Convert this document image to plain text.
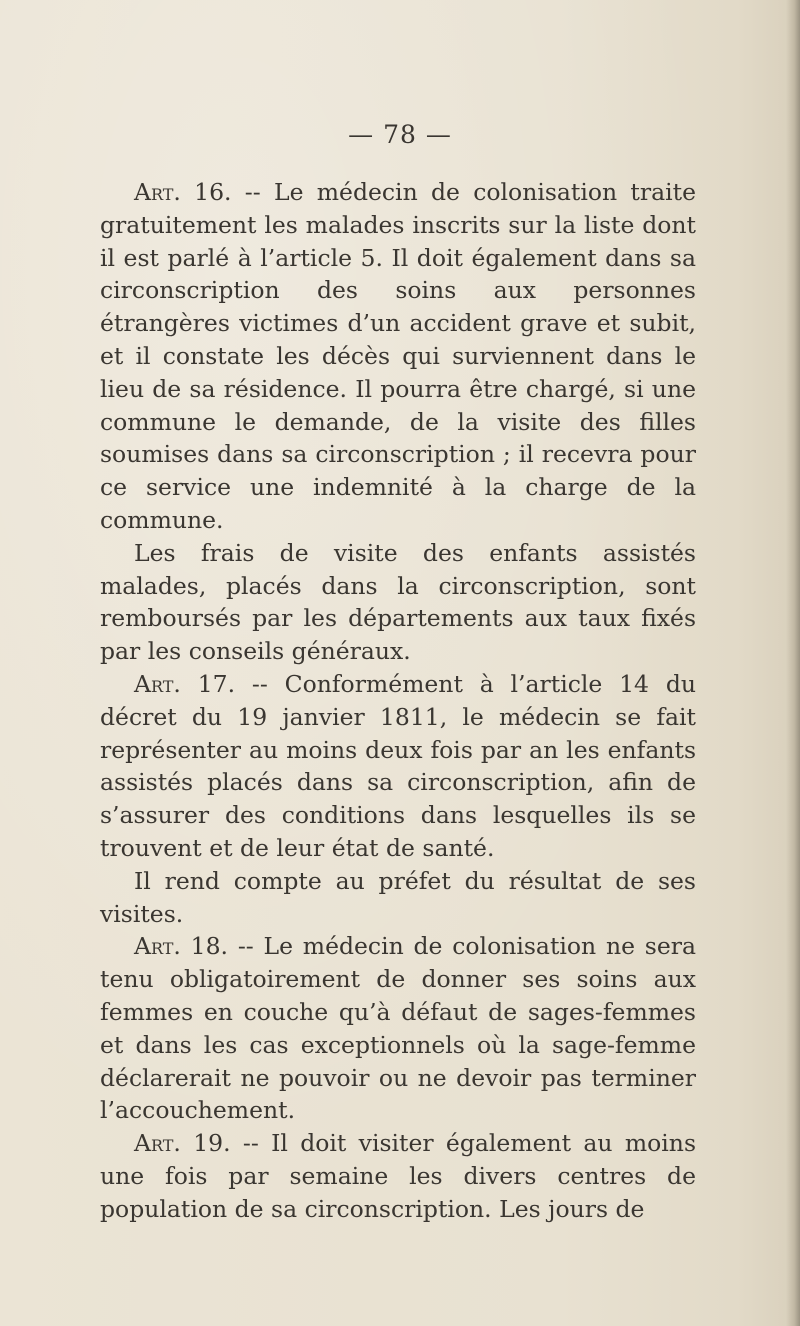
— 78 —

Art. 16. -- Le médecin de colonisation traite gratuitement les malades inscrits sur la liste dont il est parlé à l’article 5. Il doit également dans sa circonscription des soins aux personnes étrangères victimes d’un accident grave et subit, et il constate les décès qui surviennent dans le lieu de sa résidence. Il pourra être chargé, si une commune le demande, de la visite des filles soumises dans sa circonscription ; il recevra pour ce service une indemnité à la charge de la commune.

Les frais de visite des enfants assistés malades, placés dans la circonscription, sont remboursés par les départements aux taux fixés par les conseils généraux.

Art. 17. -- Conformément à l’article 14 du décret du 19 janvier 1811, le médecin se fait représenter au moins deux fois par an les enfants assistés placés dans sa circonscription, afin de s’assurer des conditions dans lesquelles ils se trouvent et de leur état de santé.

Il rend compte au préfet du résultat de ses visites.

Art. 18. -- Le médecin de colonisation ne sera tenu obligatoirement de donner ses soins aux femmes en couche qu’à défaut de sages-femmes et dans les cas exceptionnels où la sage-femme déclarerait ne pouvoir ou ne devoir pas terminer l’accouchement.

Art. 19. -- Il doit visiter également au moins une fois par semaine les divers centres de population de sa circonscription. Les jours de
